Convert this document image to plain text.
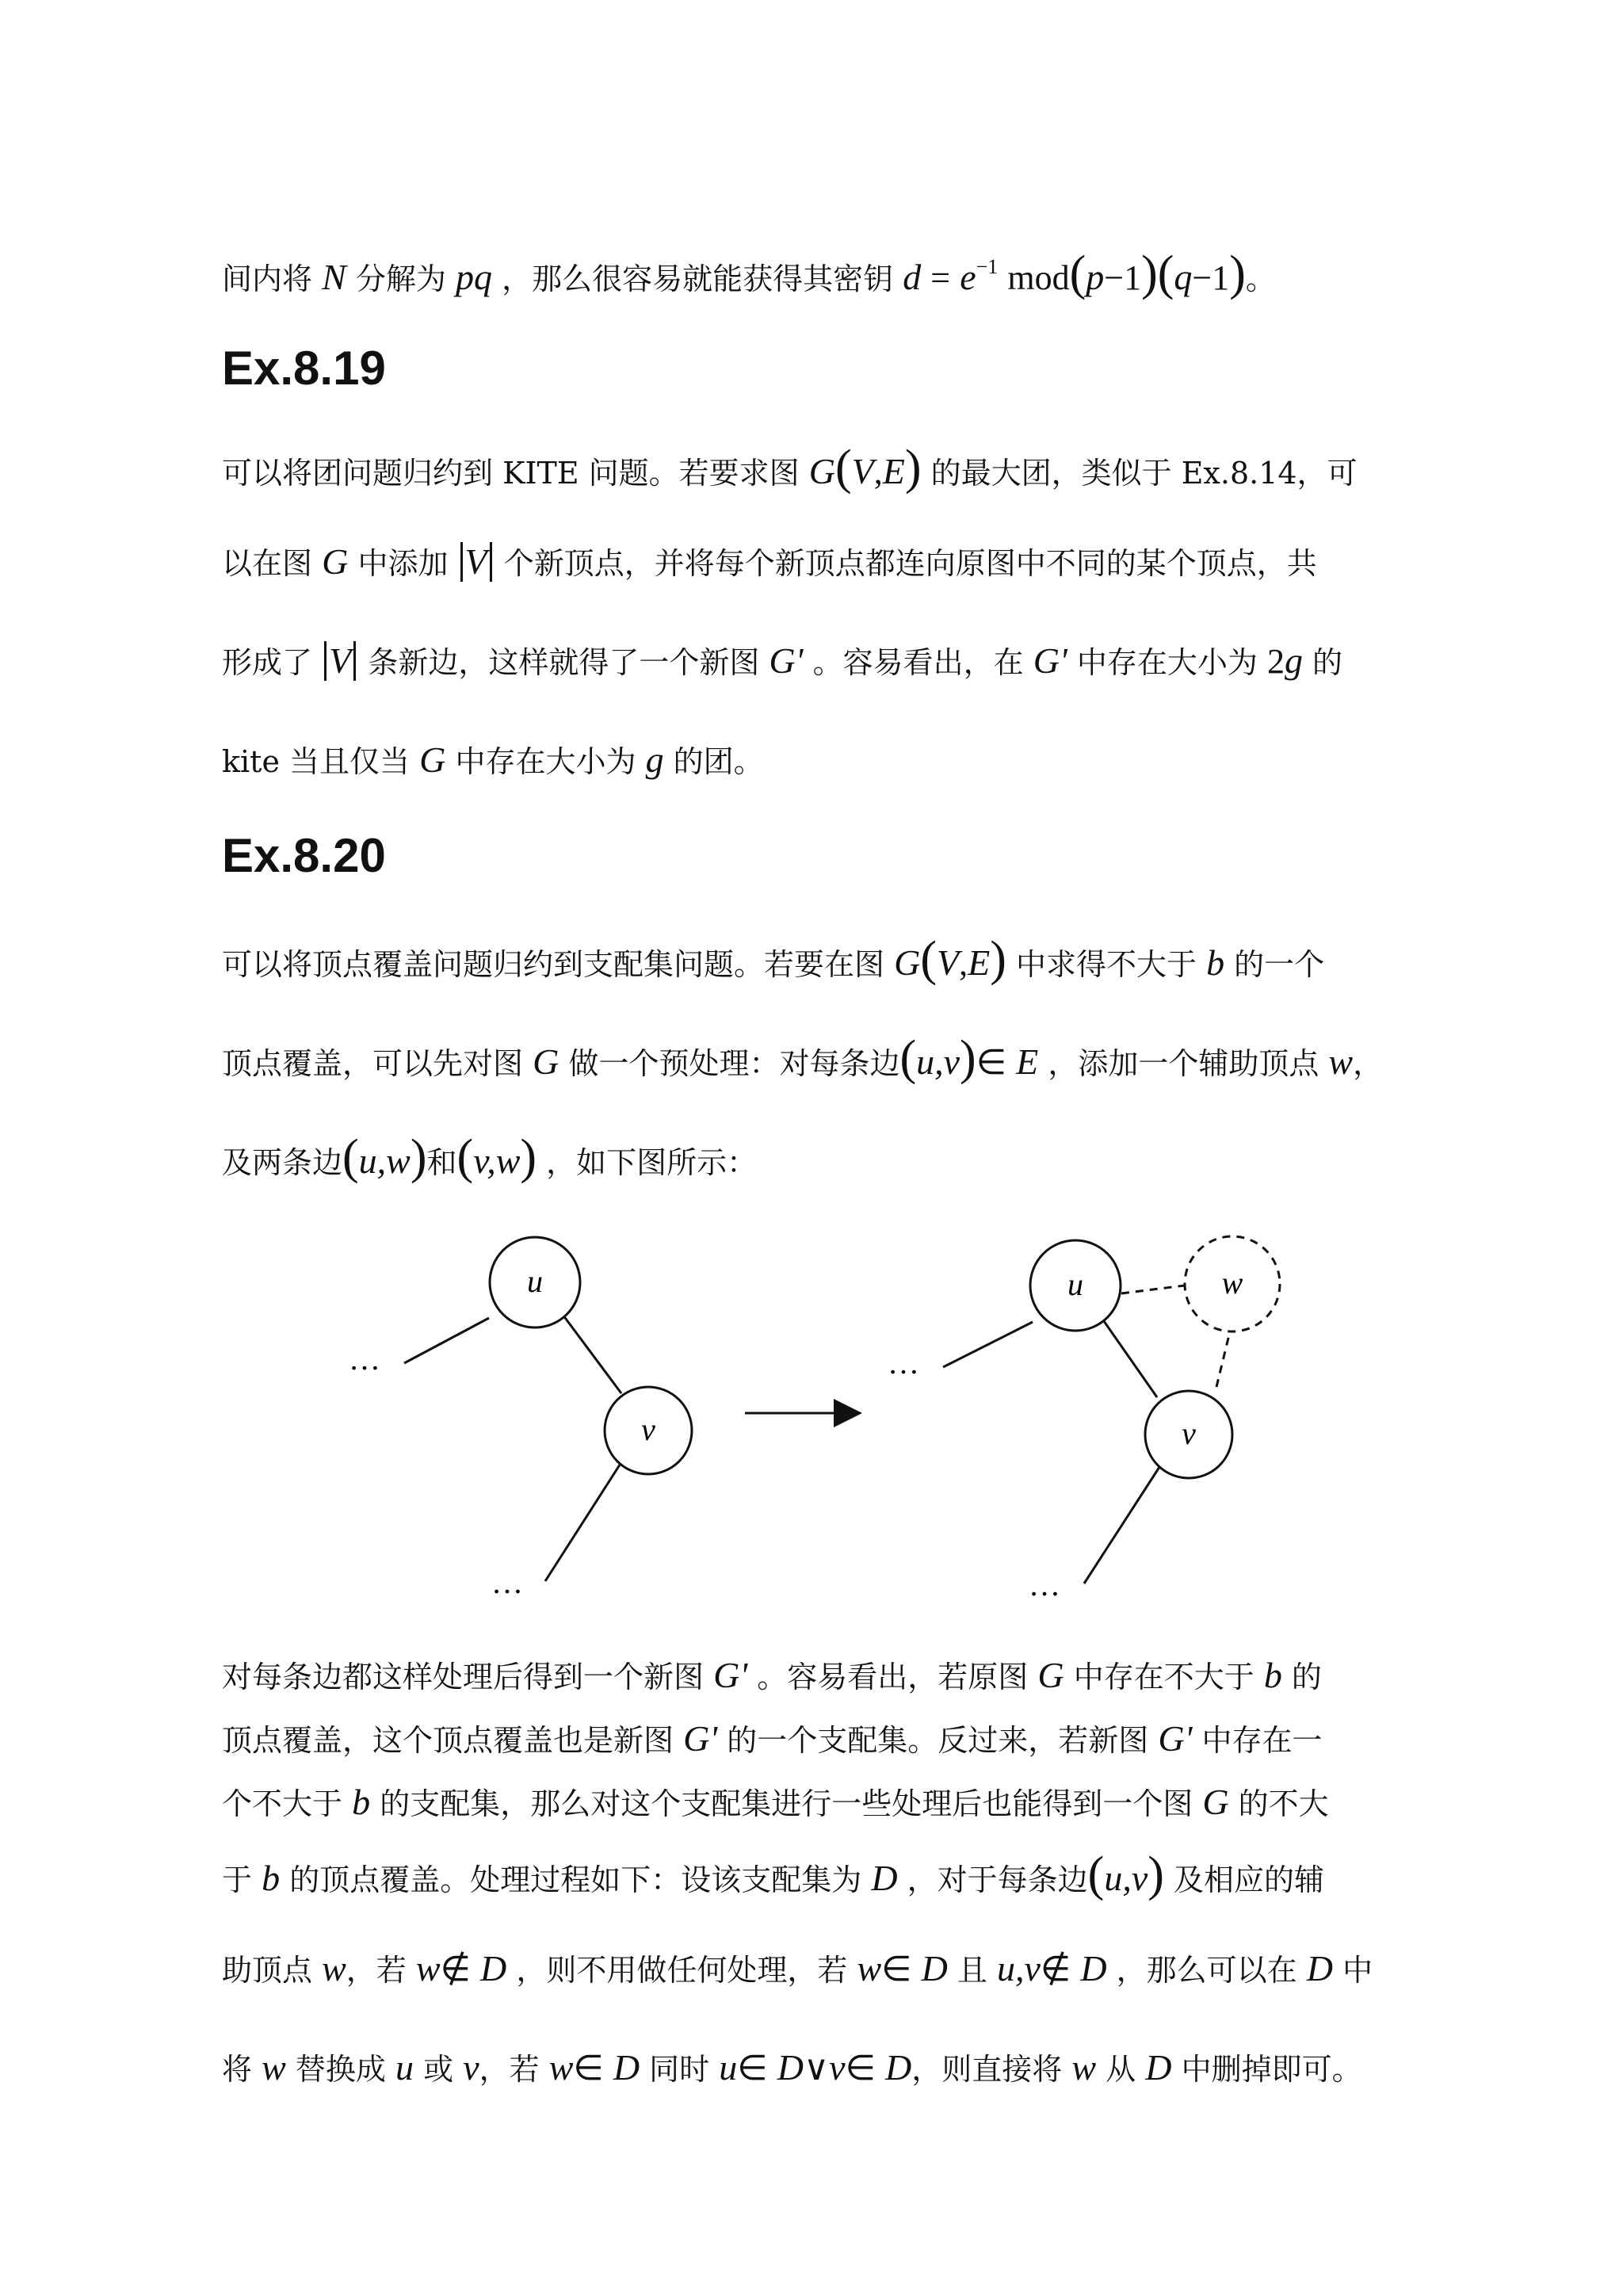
间内将 N 分解为 pq ，那么很容易就能获得其密钥 $d = e^{-1}$ mod(p−1)(q−1)。
Ex.8.19
可以将团问题归约到 KITE 问题。若要求图 G(V,E) 的最大团，类似于 Ex.8.14，可
以在图 G 中添加 V 个新顶点，并将每个新顶点都连向原图中不同的某个顶点，共
形成了 V 条新边，这样就得了一个新图 G' 。容易看出，在 G' 中存在大小为 2g 的
kite 当且仅当 G 中存在大小为 g 的团。
Ex.8.20
可以将顶点覆盖问题归约到支配集问题。若要在图 G(V,E) 中求得不大于 b 的一个
顶点覆盖，可以先对图 G 做一个预处理：对每条边(u,v)∈ E ，添加一个辅助顶点 w，
及两条边(u,w)和(v,w) ，如下图所示：
u
v
…
…
u
v
w
…
…
对每条边都这样处理后得到一个新图 G' 。容易看出，若原图 G 中存在不大于 b 的
顶点覆盖，这个顶点覆盖也是新图 G' 的一个支配集。反过来，若新图 G' 中存在一
个不大于 b 的支配集，那么对这个支配集进行一些处理后也能得到一个图 G 的不大
于 b 的顶点覆盖。处理过程如下：设该支配集为 D ，对于每条边(u,v) 及相应的辅
助顶点 w，若 w∉ D ，则不用做任何处理，若 w∈ D 且 u,v∉ D ，那么可以在 D 中
将 w 替换成 u 或 v，若 w∈ D 同时 u∈ D∨v∈ D，则直接将 w 从 D 中删掉即可。
